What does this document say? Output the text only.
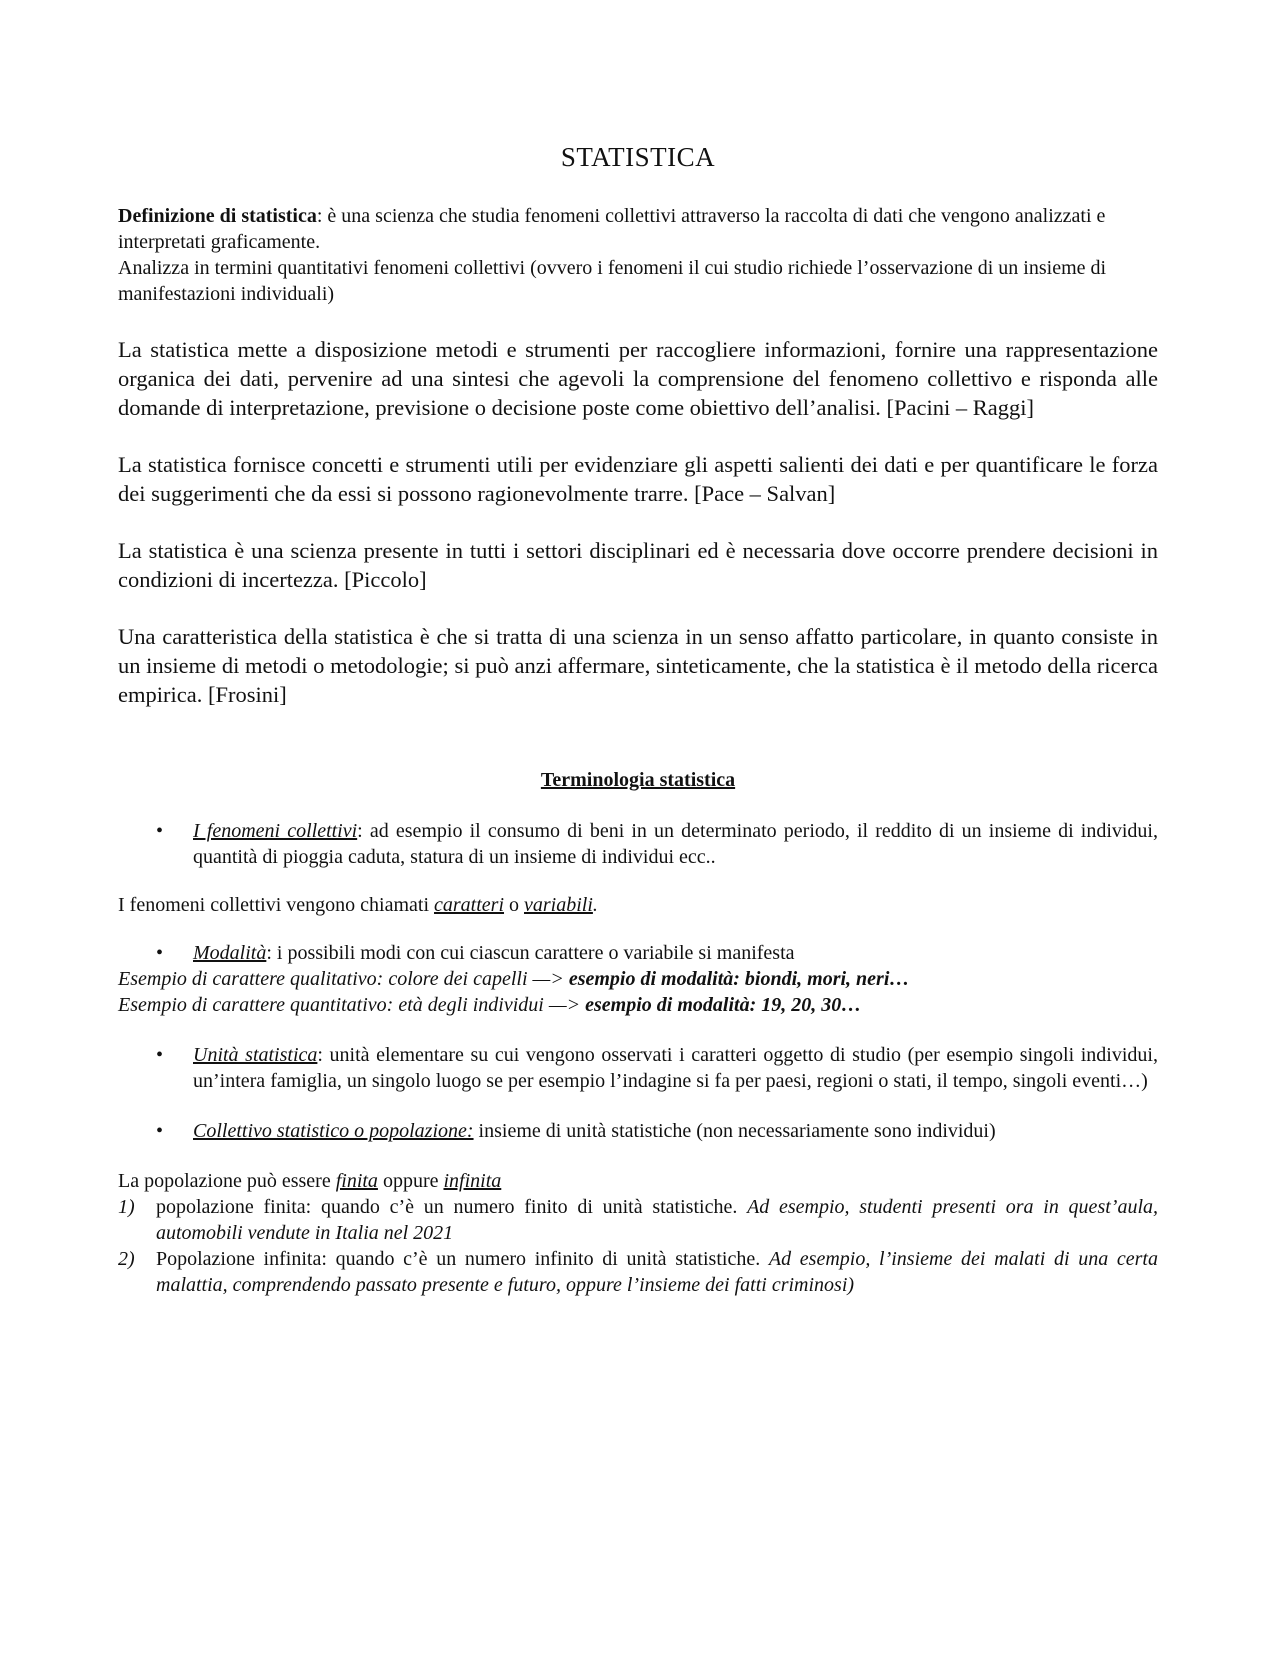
STATISTICA

Definizione di statistica: è una scienza che studia fenomeni collettivi attraverso la raccolta di dati che vengono analizzati e interpretati graficamente.

Analizza in termini quantitativi fenomeni collettivi (ovvero i fenomeni il cui studio richiede l’osservazione di un insieme di manifestazioni individuali)

La statistica mette a disposizione metodi e strumenti per raccogliere informazioni, fornire una rappresentazione organica dei dati, pervenire ad una sintesi che agevoli la comprensione del fenomeno collettivo e risponda alle domande di interpretazione, previsione o decisione poste come obiettivo dell’analisi. [Pacini – Raggi]

La statistica fornisce concetti e strumenti utili per evidenziare gli aspetti salienti dei dati e per quantificare le forza dei suggerimenti che da essi si possono ragionevolmente trarre. [Pace – Salvan]

La statistica è una scienza presente in tutti i settori disciplinari ed è necessaria dove occorre prendere decisioni in condizioni di incertezza. [Piccolo]

Una caratteristica della statistica è che si tratta di una scienza in un senso affatto particolare, in quanto consiste in un insieme di metodi o metodologie; si può anzi affermare, sinteticamente, che la statistica è il metodo della ricerca empirica. [Frosini]

Terminologia statistica

•	I fenomeni collettivi: ad esempio il consumo di beni in un determinato periodo, il reddito di un insieme di individui, quantità di pioggia caduta, statura di un insieme di individui ecc..

I fenomeni collettivi vengono chiamati caratteri o variabili.

•	Modalità: i possibili modi con cui ciascun carattere o variabile si manifesta

Esempio di carattere qualitativo: colore dei capelli —> esempio di modalità: biondi, mori, neri…

Esempio di carattere quantitativo: età degli individui —> esempio di modalità: 19, 20, 30…

•	Unità statistica: unità elementare su cui vengono osservati i caratteri oggetto di studio (per esempio singoli individui, un’intera famiglia, un singolo luogo se per esempio l’indagine si fa per paesi, regioni o stati, il tempo, singoli eventi…)

•	Collettivo statistico o popolazione: insieme di unità statistiche (non necessariamente sono individui)

La popolazione può essere finita oppure infinita

1) popolazione finita: quando c’è un numero finito di unità statistiche. Ad esempio, studenti presenti ora in quest’aula, automobili vendute in Italia nel 2021

2) Popolazione infinita: quando c’è un numero infinito di unità statistiche. Ad esempio, l’insieme dei malati di una certa malattia, comprendendo passato presente e futuro, oppure l’insieme dei fatti criminosi)
